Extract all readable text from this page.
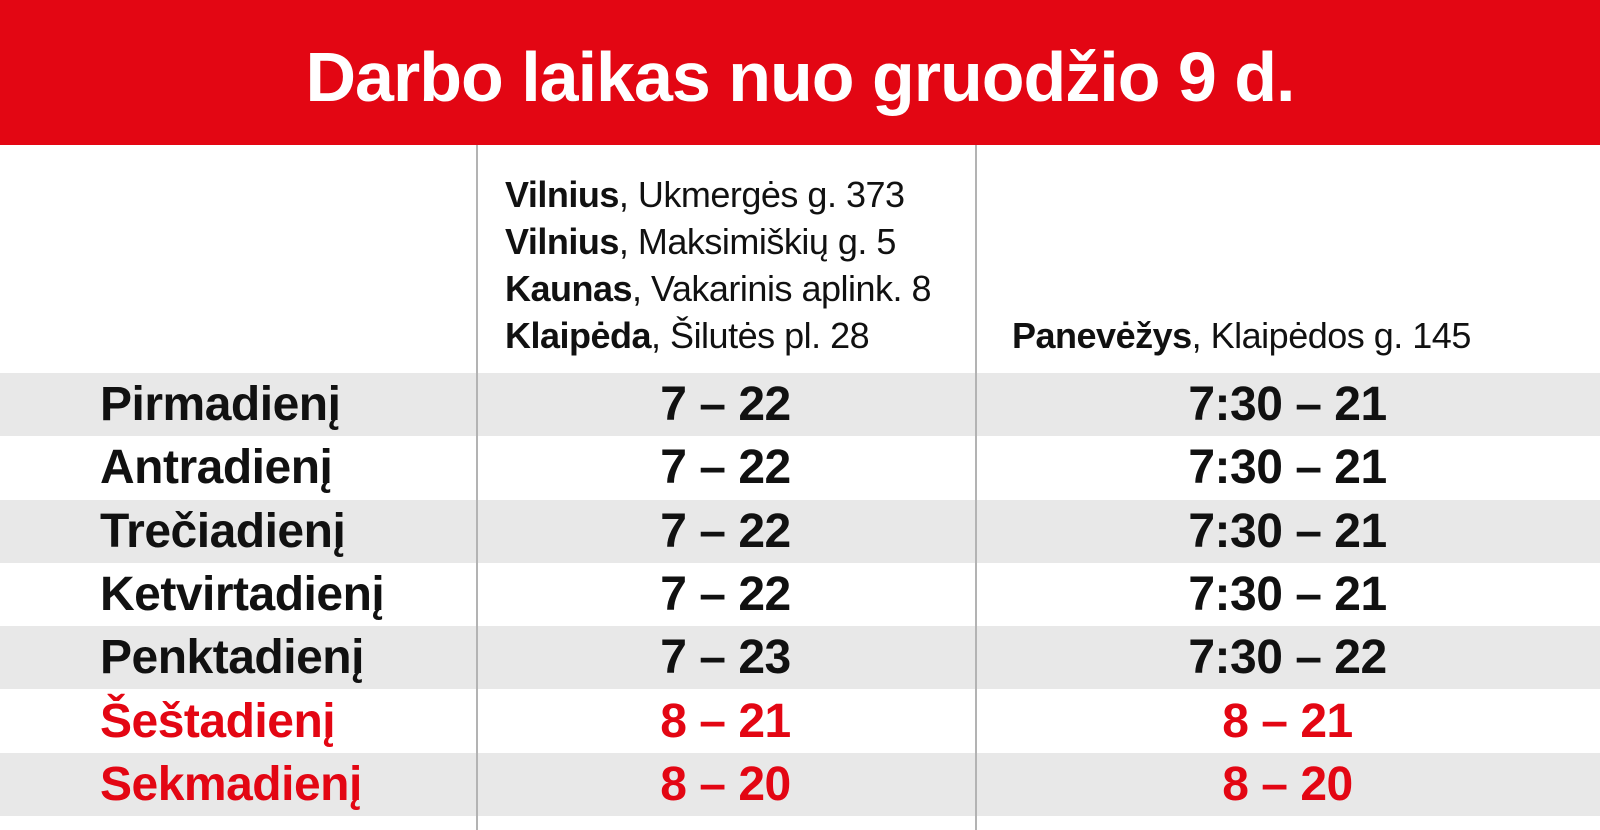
Darbo laikas nuo gruodžio 9 d.
Vilnius, Ukmergės g. 373
Vilnius, Maksimiškių g. 5
Kaunas, Vakarinis aplink. 8
Klaipėda, Šilutės pl. 28	Panevėžys, Klaipėdos g. 145
Pirmadienį	7 – 22	7:30 – 21
Antradienį	7 – 22	7:30 – 21
Trečiadienį	7 – 22	7:30 – 21
Ketvirtadienį	7 – 22	7:30 – 21
Penktadienį	7 – 23	7:30 – 22
Šeštadienį	8 – 21	8 – 21
Sekmadienį	8 – 20	8 – 20
